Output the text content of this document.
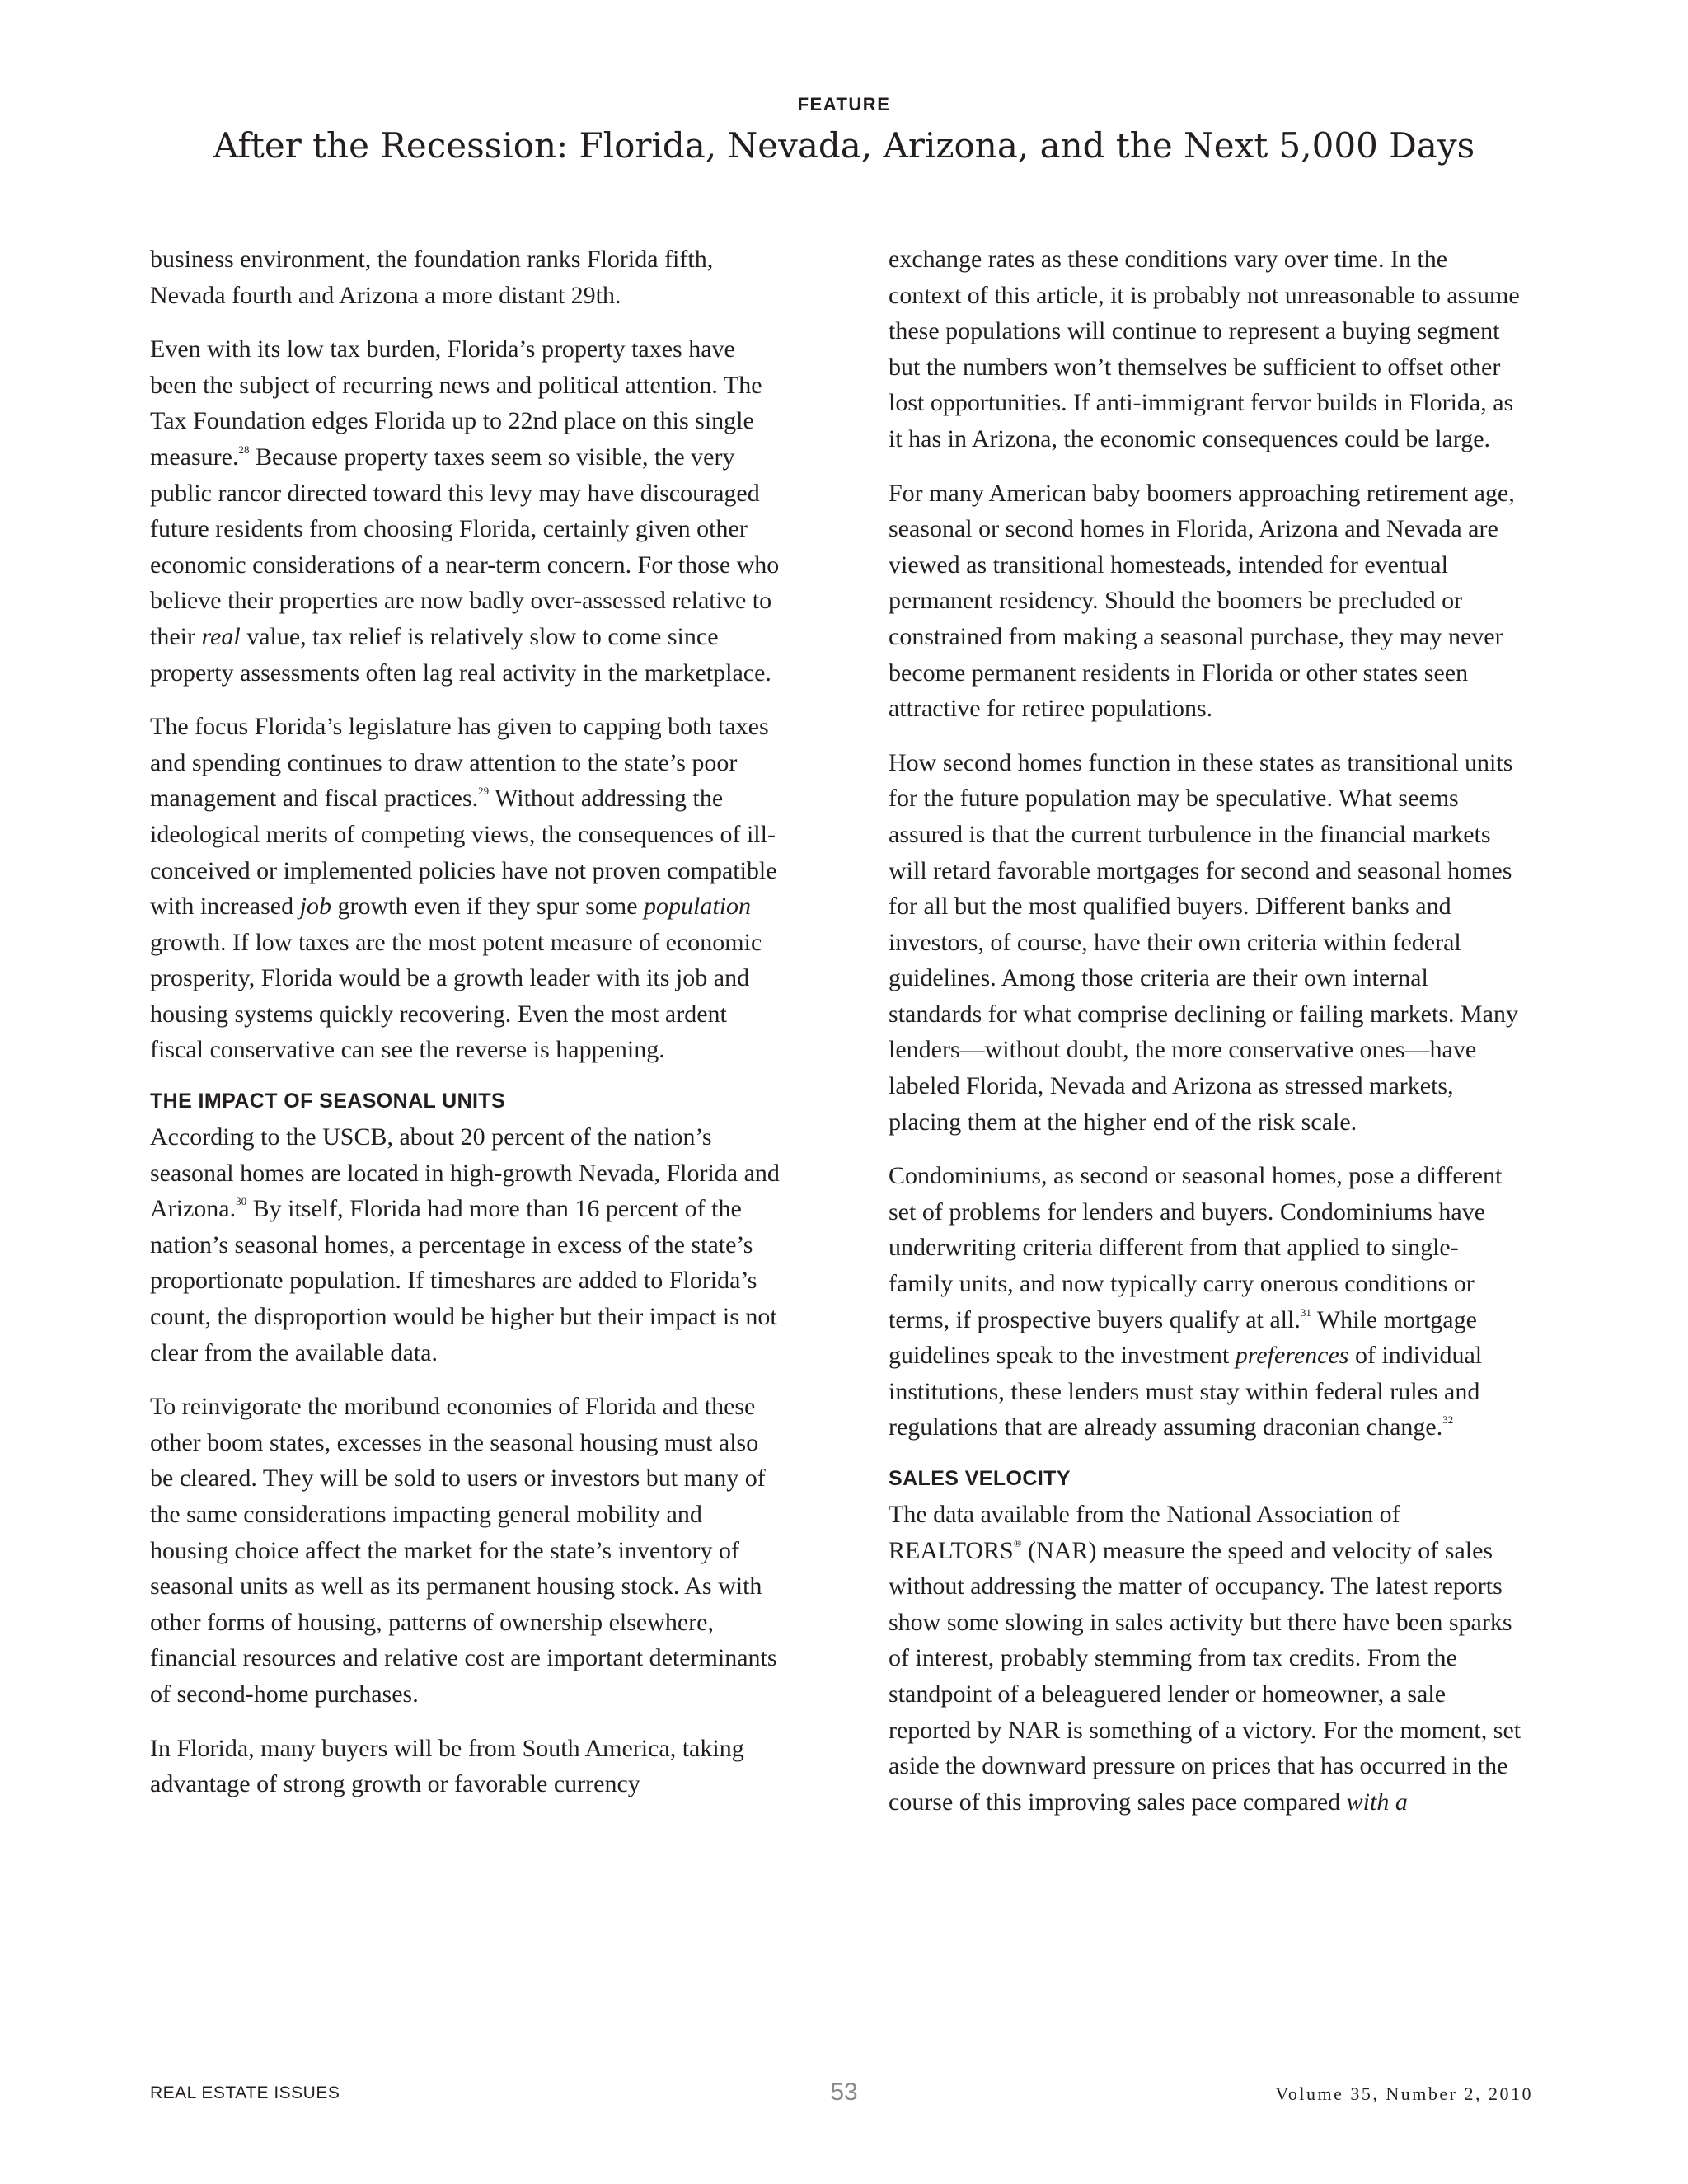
FEATURE
After the Recession: Florida, Nevada, Arizona, and the Next 5,000 Days

business environment, the foundation ranks Florida fifth, Nevada fourth and Arizona a more distant 29th.

Even with its low tax burden, Florida’s property taxes have been the subject of recurring news and political attention. The Tax Foundation edges Florida up to 22nd place on this single measure.$^{28}$ Because property taxes seem so visible, the very public rancor directed toward this levy may have discouraged future residents from choosing Florida, certainly given other economic considerations of a near-term concern. For those who believe their properties are now badly over-assessed relative to their real value, tax relief is relatively slow to come since property assessments often lag real activity in the marketplace.

The focus Florida’s legislature has given to capping both taxes and spending continues to draw attention to the state’s poor management and fiscal practices.$^{29}$ Without addressing the ideological merits of competing views, the consequences of ill-conceived or implemented policies have not proven compatible with increased job growth even if they spur some population growth. If low taxes are the most potent measure of economic prosperity, Florida would be a growth leader with its job and housing systems quickly recovering. Even the most ardent fiscal conservative can see the reverse is happening.

THE IMPACT OF SEASONAL UNITS

According to the USCB, about 20 percent of the nation’s seasonal homes are located in high-growth Nevada, Florida and Arizona.$^{30}$ By itself, Florida had more than 16 percent of the nation’s seasonal homes, a percentage in excess of the state’s proportionate population. If timeshares are added to Florida’s count, the disproportion would be higher but their impact is not clear from the available data.

To reinvigorate the moribund economies of Florida and these other boom states, excesses in the seasonal housing must also be cleared. They will be sold to users or investors but many of the same considerations impacting general mobility and housing choice affect the market for the state’s inventory of seasonal units as well as its permanent housing stock. As with other forms of housing, patterns of ownership elsewhere, financial resources and relative cost are important determinants of second-home purchases.

In Florida, many buyers will be from South America, taking advantage of strong growth or favorable currency

exchange rates as these conditions vary over time. In the context of this article, it is probably not unreasonable to assume these populations will continue to represent a buying segment but the numbers won’t themselves be sufficient to offset other lost opportunities. If anti-immigrant fervor builds in Florida, as it has in Arizona, the economic consequences could be large.

For many American baby boomers approaching retirement age, seasonal or second homes in Florida, Arizona and Nevada are viewed as transitional homesteads, intended for eventual permanent residency. Should the boomers be precluded or constrained from making a seasonal purchase, they may never become permanent residents in Florida or other states seen attractive for retiree populations.

How second homes function in these states as transitional units for the future population may be speculative. What seems assured is that the current turbulence in the financial markets will retard favorable mortgages for second and seasonal homes for all but the most qualified buyers. Different banks and investors, of course, have their own criteria within federal guidelines. Among those criteria are their own internal standards for what comprise declining or failing markets. Many lenders—without doubt, the more conservative ones—have labeled Florida, Nevada and Arizona as stressed markets, placing them at the higher end of the risk scale.

Condominiums, as second or seasonal homes, pose a different set of problems for lenders and buyers. Condominiums have underwriting criteria different from that applied to single-family units, and now typically carry onerous conditions or terms, if prospective buyers qualify at all.$^{31}$ While mortgage guidelines speak to the investment preferences of individual institutions, these lenders must stay within federal rules and regulations that are already assuming draconian change.$^{32}$

SALES VELOCITY

The data available from the National Association of REALTORS® (NAR) measure the speed and velocity of sales without addressing the matter of occupancy. The latest reports show some slowing in sales activity but there have been sparks of interest, probably stemming from tax credits. From the standpoint of a beleaguered lender or homeowner, a sale reported by NAR is something of a victory. For the moment, set aside the downward pressure on prices that has occurred in the course of this improving sales pace compared with a

REAL ESTATE ISSUES	53	Volume 35, Number 2, 2010
